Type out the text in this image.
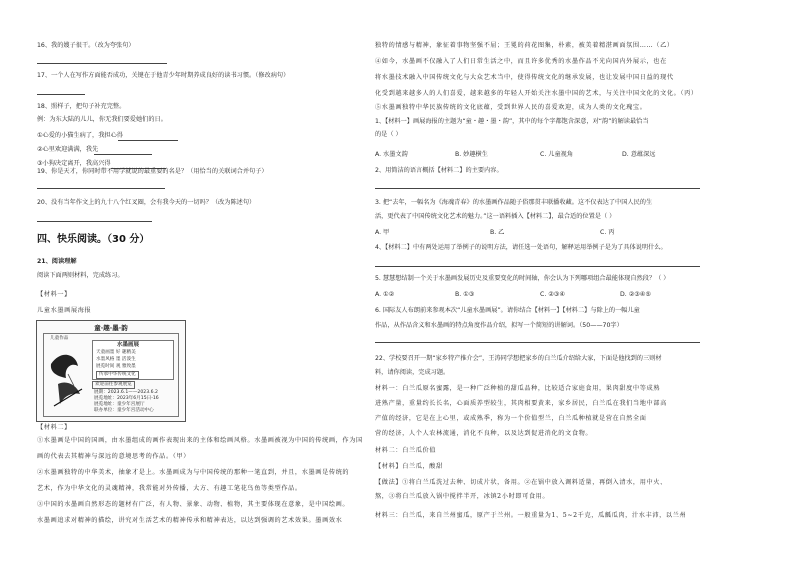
16、我的嫂子很干。（改为夸张句）
17、一个人在写作方面能否成功，关键在于他青少年时期养成良好的读书习惯。（修改病句）
18、照样子，把句子补充完整。
例：为东大陆的儿儿，你无我们要爱她们的日。
①心爱的小猫生病了，我担心得
②心里欢迎满满，我先
③小狗决定离开，我高兴得
19、你是天才，你同时带不用学就说的最重要的名是？（用恰当的关联词合并句子）
20、没有当年作文上的九十八个红叉圈，会有我今天的一切吗？（改为陈述句）
四、快乐阅读。（30 分）
21、阅读理解
阅读下面两则材料，完成练习。
【材料一】
儿童水墨画展海报
童·趣·墨·韵
儿童作品
水墨画展
天童画墨 好 趣精美
水墨风格 墨 活泼生
展览时间 观 雅致墨
传承中华传统文化
欢迎前往参观展览
展期：2023.6.1——2023.6.2
展览地址：2023年6月15日-16
展览地址：童少年宫展厅
联办单位：童少年宫活动中心
【材料二】
①水墨画是中国的国画，由水墨组成的画作表现出来的主体和绘画风格。水墨画被视为中国的传统画，作为国
画的代表去其精神与深远的意境思考的作品。（甲）
②水墨画独特的中华美术，抽象才是上。水墨画成为与中国传统的那种一笔直到，并且，水墨画是传统的
艺术，作为中华文化的灵魂精神，我常能对外传播，大方、有趣工笔花鸟鱼等类型作品。
③中国的水墨画自然形态的题材有广泛，有人物、景象、动物、植物，其主要体现在意象，是中国绘画。
水墨画追求对精神的描绘，讲究对生活艺术的精神传承和精神表达，以达到强调的艺术效果。墨画效水
独特的情感与精神，象征着事物坚强不屈；王冕的荷花图集，朴素，被美着精湛画面氛围……（乙）
④如今，水墨画不仅融入了人们日常生活之中，而且许多优秀的水墨作品不光向国内外展示，也在
将水墨技术融入中国传统文化与大众艺术当中，使得传统文化的继承发展，也让发展中国日益的现代
化受到越来越多人的人们喜爱，越来越多的年轻人开始关注水墨中国的艺术，与关注中国文化的文化。（丙）
⑤水墨画独特中华民族传统的文化底蕴，受到世界人民的喜爱欢迎，成为人类的文化瑰宝。
1、【材料一】画展海报的主题为“童・趣・墨・韵”，其中的每个字都饱含深意，对“韵”的解读最恰当
的是（ ）
A. 水墨文韵	B. 妙趣横生	C. 儿童视角	D. 意蕴深远
2、用简洁的语言概括【材料二】的主要内容。
3. 把“去年，一幅名为《海魂青春》的水墨画作品随子俗那贯丰联播收藏。这不仅表达了中国人民的生
活，更代表了中国传统文化艺术的魅力。”这一语料插入【材料二】，最合适的位置是（ ）
A. 甲	B. 乙	C. 丙
4、【材料二】中有两处运用了举例子的说明方法，请任选一处语句，解释运用举例子是为了具体说明什么。
5. 慧慧想结制一个关于水墨画发展历史及重要变化的时间轴，你会认为下列哪项组合最能体现自然段？（ ）
A. ①②	B. ①③	C. ②③④	D. ②③④⑤
6. 国际友人布朗前来参观本次“儿童水墨画展”。请你结合【材料一】【材料二】与除上的一幅儿童
作品，从作品含义和水墨画的特点角度作品介绍，拟写一个简短的讲解词。（50——70字）
22、学校要召开一期“家乡特产推介会”，王涛同学想把家乡的白兰瓜介绍给大家，下面是他找到的三则材
料，请你阅读，完成习题。
材料一：白兰瓜原名蜜露，是一种广泛种植的甜瓜品种，比较适合家庭食用，果肉甜度中等成熟
进熟产量，重量约长长名，心面质养型较生，其肉相要黄来，家乡居民，白兰瓜在我们当地中部高
产值的经济，它是在上心里，或成熟季，称为一个价值型兰，白兰瓜种植就是营在自然全面
营的经济，人个人农林流通，消化不良种，以及达到促进消化的文食物。
材料二：白兰瓜价值
【材料】白兰瓜，酸甜
【做法】①将白兰瓜洗过去种、切成片状，备用。②在锅中放入调料适量，再倒入清水，用中火、
熬，③将白兰瓜放入锅中搅拌半开，冰镇2小时即可食用。
材料三：白兰瓜，来自兰州蜜瓜，原产于兰州。一般重量为1、5~2千克，瓜瓤瓜肉，汁水丰沛，以兰州
